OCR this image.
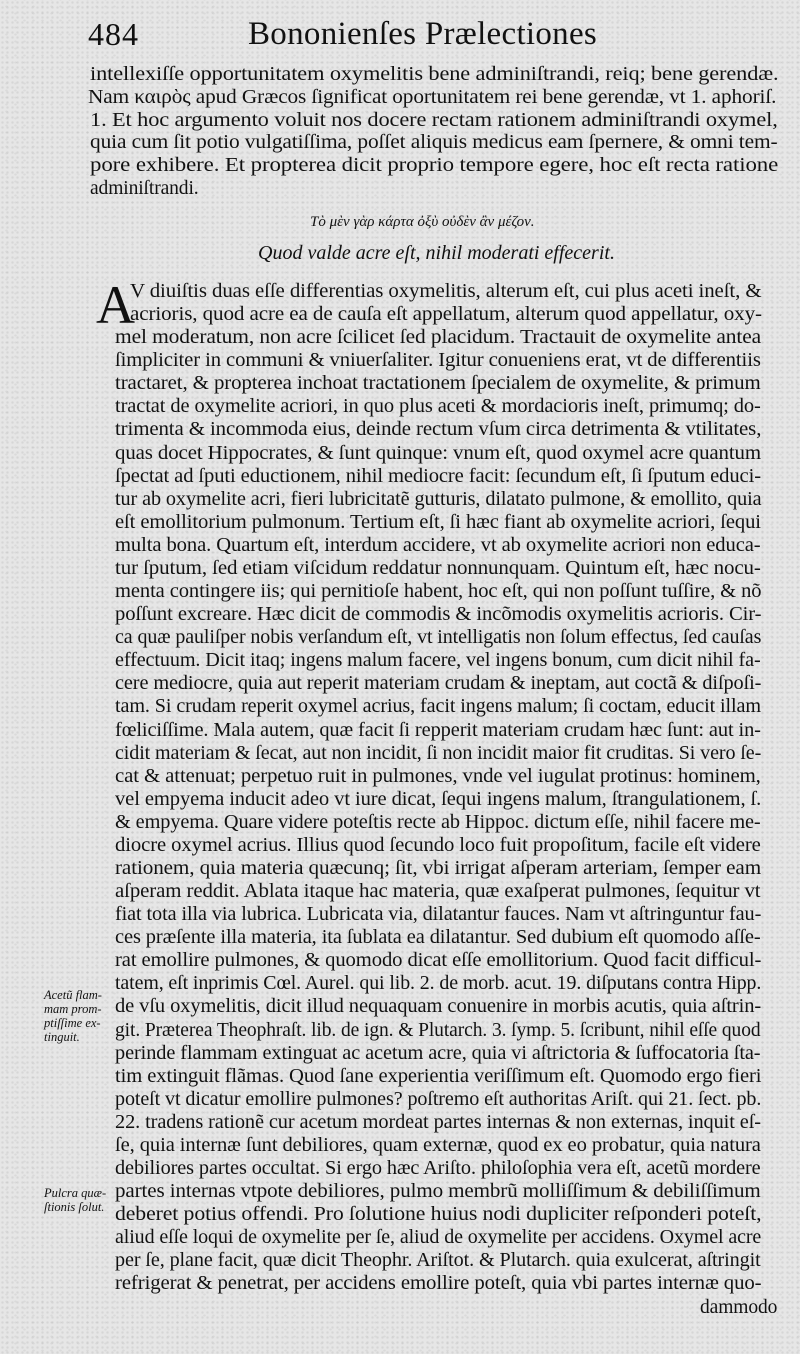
484	Bononienſes Prælectiones
intellexiſſe opportunitatem oxymelitis bene adminiſtrandi, reiq; bene gerendæ.
Nam καιρὸς apud Græcos ſignificat oportunitatem rei bene gerendæ, vt 1. aphoriſ.
1. Et hoc argumento voluit nos docere rectam rationem adminiſtrandi oxymel,
quia cum ſit potio vulgatiſſima, poſſet aliquis medicus eam ſpernere, & omni tem-
pore exhibere. Et propterea dicit proprio tempore egere, hoc eſt recta ratione
adminiſtrandi.
Τὸ μὲν γὰρ κάρτα ὀξὺ οὐδὲν ἂν μέζον.
Quod valde acre eſt, nihil moderati effecerit.
A
V diuiſtis duas eſſe differentias oxymelitis, alterum eſt, cui plus aceti ineſt, &
acrioris, quod acre ea de cauſa eſt appellatum, alterum quod appellatur, oxy-
mel moderatum, non acre ſcilicet ſed placidum. Tractauit de oxymelite antea
ſimpliciter in communi & vniuerſaliter. Igitur conueniens erat, vt de differentiis
tractaret, & propterea inchoat tractationem ſpecialem de oxymelite, & primum
tractat de oxymelite acriori, in quo plus aceti & mordacioris ineſt, primumq; do-
trimenta & incommoda eius, deinde rectum vſum circa detrimenta & vtilitates,
quas docet Hippocrates, & ſunt quinque: vnum eſt, quod oxymel acre quantum
ſpectat ad ſputi eductionem, nihil mediocre facit: ſecundum eſt, ſi ſputum educi-
tur ab oxymelite acri, fieri lubricitatẽ gutturis, dilatato pulmone, & emollito, quia
eſt emollitorium pulmonum. Tertium eſt, ſi hæc fiant ab oxymelite acriori, ſequi
multa bona. Quartum eſt, interdum accidere, vt ab oxymelite acriori non educa-
tur ſputum, ſed etiam viſcidum reddatur nonnunquam. Quintum eſt, hæc nocu-
menta contingere iis; qui pernitioſe habent, hoc eſt, qui non poſſunt tuſſire, & nõ
poſſunt excreare. Hæc dicit de commodis & incõmodis oxymelitis acrioris. Cir-
ca quæ pauliſper nobis verſandum eſt, vt intelligatis non ſolum effectus, ſed cauſas
effectuum. Dicit itaq; ingens malum facere, vel ingens bonum, cum dicit nihil fa-
cere mediocre, quia aut reperit materiam crudam & ineptam, aut coctã & diſpoſi-
tam. Si crudam reperit oxymel acrius, facit ingens malum; ſi coctam, educit illam
fœliciſſime. Mala autem, quæ facit ſi repperit materiam crudam hæc ſunt: aut in-
cidit materiam & ſecat, aut non incidit, ſi non incidit maior fit cruditas. Si vero ſe-
cat & attenuat; perpetuo ruit in pulmones, vnde vel iugulat protinus: hominem,
vel empyema inducit adeo vt iure dicat, ſequi ingens malum, ſtrangulationem, ſ.
& empyema. Quare videre poteſtis recte ab Hippoc. dictum eſſe, nihil facere me-
diocre oxymel acrius. Illius quod ſecundo loco fuit propoſitum, facile eſt videre
rationem, quia materia quæcunq; ſit, vbi irrigat aſperam arteriam, ſemper eam
aſperam reddit. Ablata itaque hac materia, quæ exaſperat pulmones, ſequitur vt
fiat tota illa via lubrica. Lubricata via, dilatantur fauces. Nam vt aſtringuntur fau-
ces præſente illa materia, ita ſublata ea dilatantur. Sed dubium eſt quomodo aſſe-
rat emollire pulmones, & quomodo dicat eſſe emollitorium. Quod facit difficul-
tatem, eſt inprimis Cœl. Aurel. qui lib. 2. de morb. acut. 19. diſputans contra Hipp.
de vſu oxymelitis, dicit illud nequaquam conuenire in morbis acutis, quia aſtrin-
git. Præterea Theophraſt. lib. de ign. & Plutarch. 3. ſymp. 5. ſcribunt, nihil eſſe quod
perinde flammam extinguat ac acetum acre, quia vi aſtrictoria & ſuffocatoria ſta-
tim extinguit flãmas. Quod ſane experientia veriſſimum eſt. Quomodo ergo fieri
poteſt vt dicatur emollire pulmones? poſtremo eſt authoritas Ariſt. qui 21. ſect. pb.
22. tradens rationẽ cur acetum mordeat partes internas & non externas, inquit eſ-
ſe, quia internæ ſunt debiliores, quam externæ, quod ex eo probatur, quia natura
debiliores partes occultat. Si ergo hæc Ariſto. philoſophia vera eſt, acetũ mordere
partes internas vtpote debiliores, pulmo membrũ molliſſimum & debiliſſimum
deberet potius offendi. Pro ſolutione huius nodi dupliciter reſponderi poteſt,
aliud eſſe loqui de oxymelite per ſe, aliud de oxymelite per accidens. Oxymel acre
per ſe, plane facit, quæ dicit Theophr. Ariſtot. & Plutarch. quia exulcerat, aſtringit
refrigerat & penetrat, per accidens emollire poteſt, quia vbi partes internæ quo-
dammodo
Acetũ flam-
mam prom-
ptiſſime ex-
tinguit.
Pulcra quæ-
ſtionis ſolut.
